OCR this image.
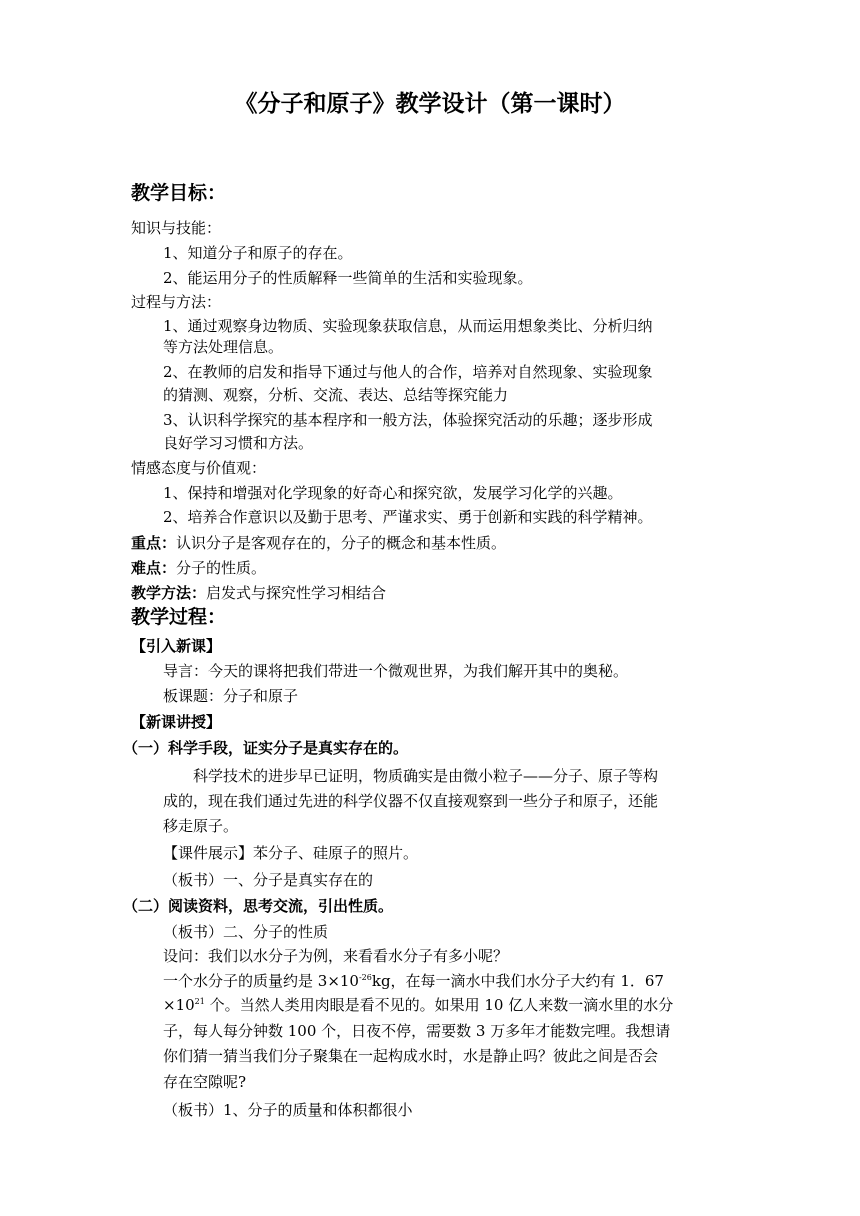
《分子和原子》教学设计（第一课时）
教学目标：
知识与技能：
1、知道分子和原子的存在。
2、能运用分子的性质解释一些简单的生活和实验现象。
过程与方法：
1、通过观察身边物质、实验现象获取信息，从而运用想象类比、分析归纳
等方法处理信息。
2、在教师的启发和指导下通过与他人的合作，培养对自然现象、实验现象
的猜测、观察，分析、交流、表达、总结等探究能力
3、认识科学探究的基本程序和一般方法，体验探究活动的乐趣；逐步形成
良好学习习惯和方法。
情感态度与价值观：
1、保持和增强对化学现象的好奇心和探究欲，发展学习化学的兴趣。
2、培养合作意识以及勤于思考、严谨求实、勇于创新和实践的科学精神。
重点：认识分子是客观存在的，分子的概念和基本性质。
难点：分子的性质。
教学方法：启发式与探究性学习相结合
教学过程：
【引入新课】
导言：今天的课将把我们带进一个微观世界，为我们解开其中的奥秘。
板课题：分子和原子
【新课讲授】
（一）科学手段，证实分子是真实存在的。
科学技术的进步早已证明，物质确实是由微小粒子——分子、原子等构
成的，现在我们通过先进的科学仪器不仅直接观察到一些分子和原子，还能
移走原子。
【课件展示】苯分子、硅原子的照片。
（板书）一、分子是真实存在的
（二）阅读资料，思考交流，引出性质。
（板书）二、分子的性质
设问：我们以水分子为例，来看看水分子有多小呢？
一个水分子的质量约是 $3\times 10^{-26}kg$，在每一滴水中我们水分子大约有 1．67
$\times 10^{21}$ 个。当然人类用肉眼是看不见的。如果用 10 亿人来数一滴水里的水分
子，每人每分钟数 100 个，日夜不停，需要数 3 万多年才能数完哩。我想请
你们猜一猜当我们分子聚集在一起构成水时，水是静止吗？彼此之间是否会
存在空隙呢?
（板书）1、分子的质量和体积都很小
